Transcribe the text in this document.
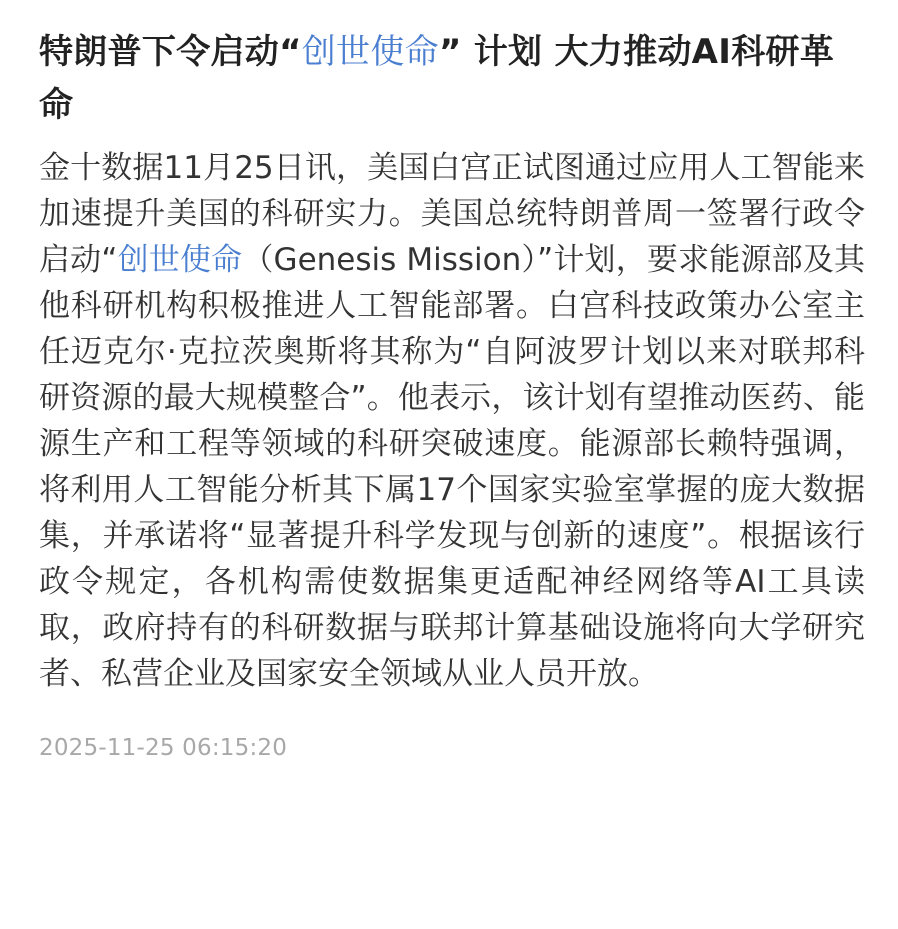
特朗普下令启动“创世使命” 计划 大力推动AI科研革命

金十数据11月25日讯，美国白宫正试图通过应用人工智能来加速提升美国的科研实力。美国总统特朗普周一签署行政令启动“创世使命（Genesis Mission）”计划，要求能源部及其他科研机构积极推进人工智能部署。白宫科技政策办公室主任迈克尔·克拉茨奥斯将其称为“自阿波罗计划以来对联邦科研资源的最大规模整合”。他表示，该计划有望推动医药、能源生产和工程等领域的科研突破速度。能源部长赖特强调，将利用人工智能分析其下属17个国家实验室掌握的庞大数据集，并承诺将“显著提升科学发现与创新的速度”。根据该行政令规定，各机构需使数据集更适配神经网络等AI工具读取，政府持有的科研数据与联邦计算基础设施将向大学研究者、私营企业及国家安全领域从业人员开放。

2025-11-25 06:15:20
